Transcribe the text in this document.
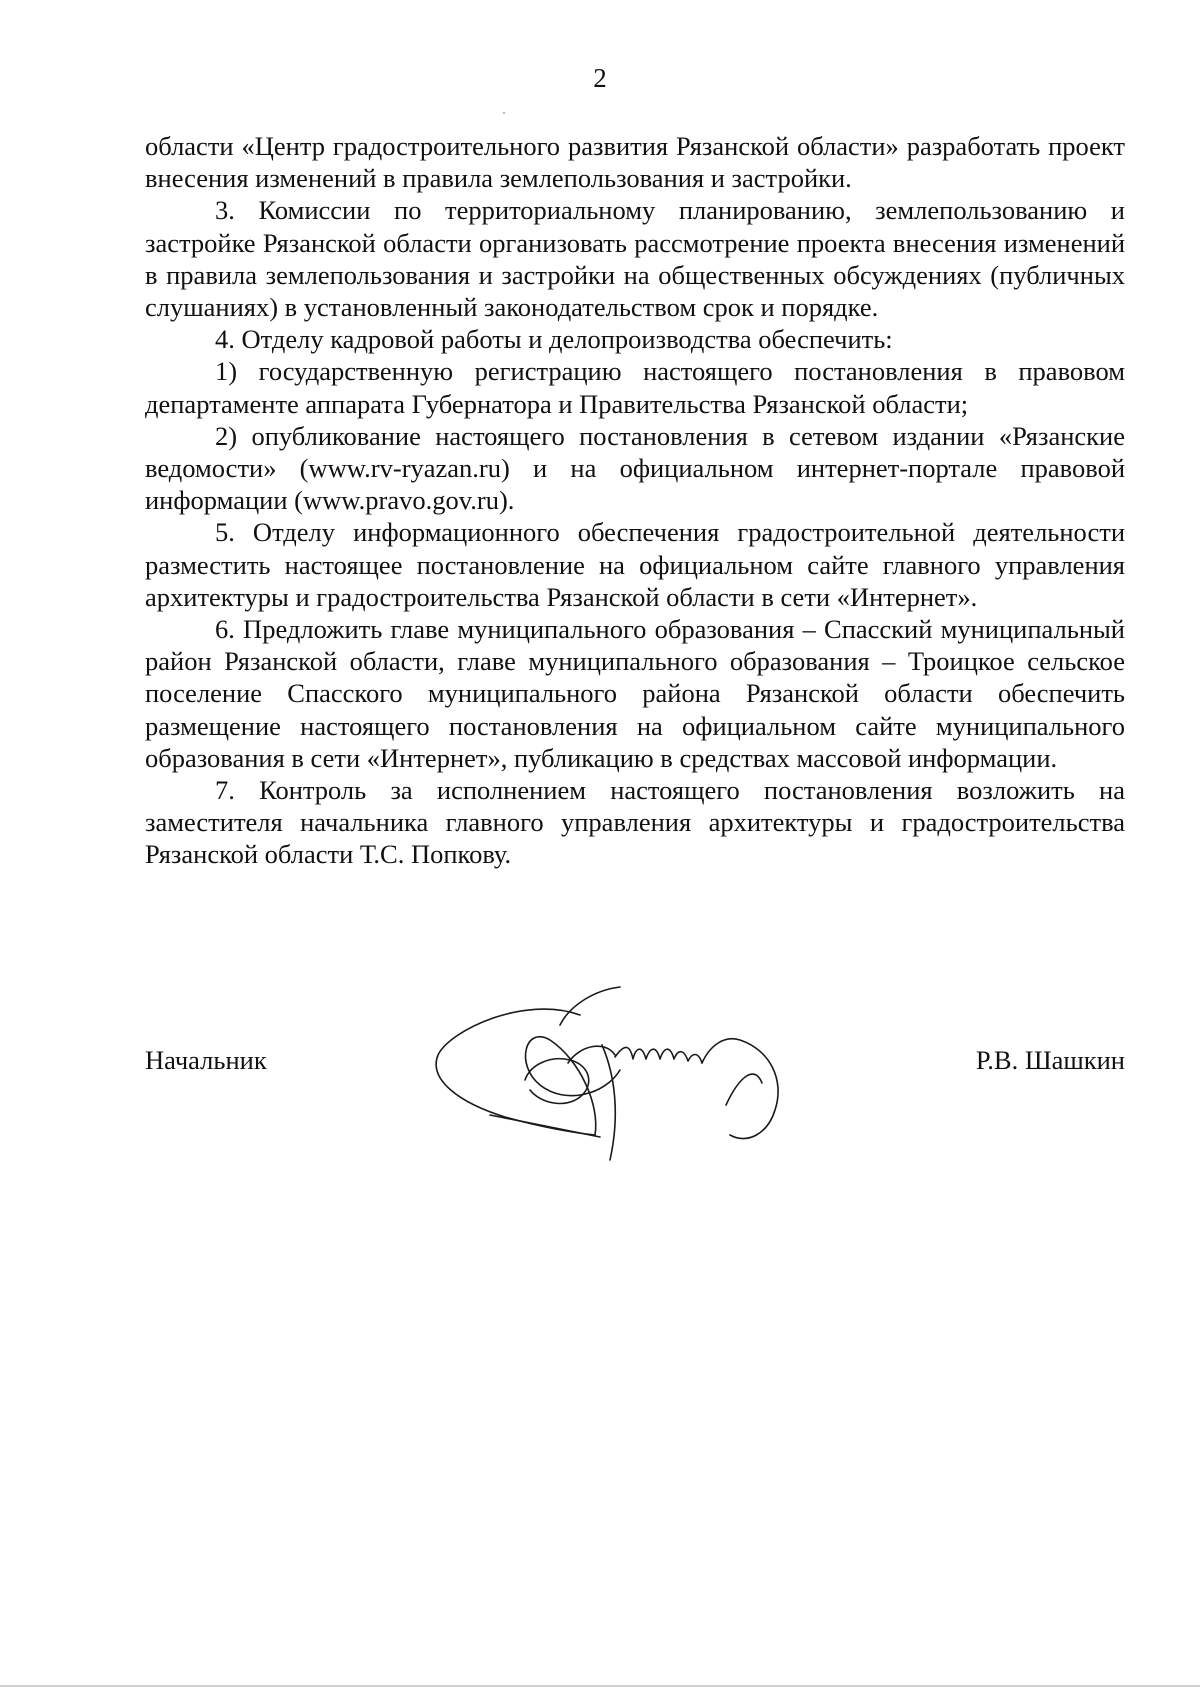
2

области «Центр градостроительного развития Рязанской области» разработать проект внесения изменений в правила землепользования и застройки.

3. Комиссии по территориальному планированию, землепользованию и застройке Рязанской области организовать рассмотрение проекта внесения изменений в правила землепользования и застройки на общественных обсуждениях (публичных слушаниях) в установленный законодательством срок и порядке.

4. Отделу кадровой работы и делопроизводства обеспечить:

1) государственную регистрацию настоящего постановления в правовом департаменте аппарата Губернатора и Правительства Рязанской области;

2) опубликование настоящего постановления в сетевом издании «Рязанские ведомости» (www.rv-ryazan.ru) и на официальном интернет-портале правовой информации (www.pravo.gov.ru).

5. Отделу информационного обеспечения градостроительной деятельности разместить настоящее постановление на официальном сайте главного управления архитектуры и градостроительства Рязанской области в сети «Интернет».

6. Предложить главе муниципального образования – Спасский муниципальный район Рязанской области, главе муниципального образования – Троицкое сельское поселение Спасского муниципального района Рязанской области обеспечить размещение настоящего постановления на официальном сайте муниципального образования в сети «Интернет», публикацию в средствах массовой информации.

7. Контроль за исполнением настоящего постановления возложить на заместителя начальника главного управления архитектуры и градостроительства Рязанской области Т.С. Попкову.

Начальник	Р.В. Шашкин
